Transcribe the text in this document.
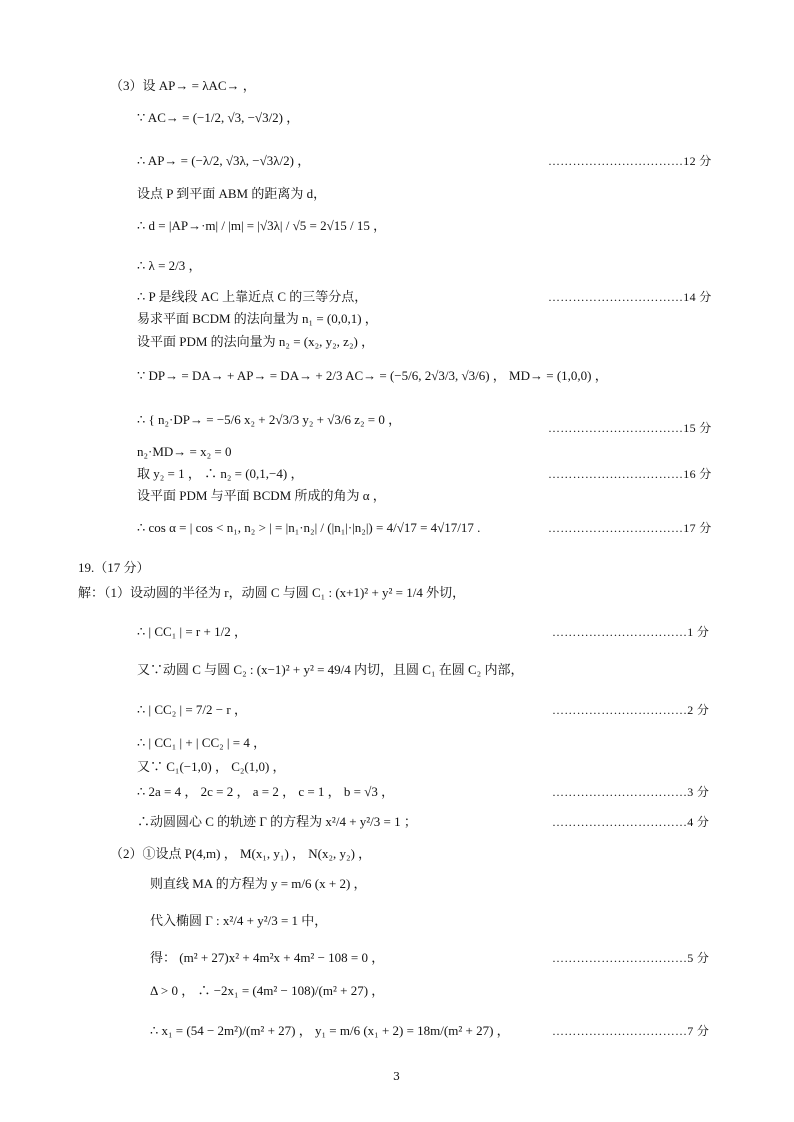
（3）设 AP→ = λAC→ ，
∵ AC→ = (−1/2, √3, −√3/2) ，
∴ AP→ = (−λ/2, √3λ, −√3λ/2) ，	……………………………12 分
设点 P 到平面 ABM 的距离为 d，
∴ d = |AP→·m| / |m| = |√3λ| / √5 = 2√15 / 15 ，
∴ λ = 2/3 ，
∴ P 是线段 AC 上靠近点 C 的三等分点，	……………………………14 分
易求平面 BCDM 的法向量为 n₁ = (0,0,1) ，
设平面 PDM 的法向量为 n₂ = (x₂, y₂, z₂) ，
∵ DP→ = DA→ + AP→ = DA→ + 2/3 AC→ = (−5/6, 2√3/3, √3/6) ， MD→ = (1,0,0) ，
∴ { n₂·DP→ = −5/6 x₂ + 2√3/3 y₂ + √3/6 z₂ = 0 ，
……………………………15 分
n₂·MD→ = x₂ = 0
取 y₂ = 1 ， ∴ n₂ = (0,1,−4) ，	……………………………16 分
设平面 PDM 与平面 BCDM 所成的角为 α ，
∴ cos α = | cos < n₁, n₂ > | = |n₁·n₂| / (|n₁|·|n₂|) = 4/√17 = 4√17/17 .	……………………………17 分
19.（17 分）
解：（1）设动圆的半径为 r，动圆 C 与圆 C₁ : (x+1)² + y² = 1/4 外切，
∴ | CC₁ | = r + 1/2 ，	……………………………1 分
又∵动圆 C 与圆 C₂ : (x−1)² + y² = 49/4 内切，且圆 C₁ 在圆 C₂ 内部，
∴ | CC₂ | = 7/2 − r ，	……………………………2 分
∴ | CC₁ | + | CC₂ | = 4 ，
又∵ C₁(−1,0) ， C₂(1,0) ，
∴ 2a = 4 ， 2c = 2 ， a = 2 ， c = 1 ， b = √3 ，	……………………………3 分
∴动圆圆心 C 的轨迹 Γ 的方程为 x²/4 + y²/3 = 1 ；	……………………………4 分
（2）①设点 P(4,m) ， M(x₁, y₁) ， N(x₂, y₂) ，
则直线 MA 的方程为 y = m/6 (x + 2) ，
代入椭圆 Γ : x²/4 + y²/3 = 1 中，
得： (m² + 27)x² + 4m²x + 4m² − 108 = 0 ，	……………………………5 分
Δ > 0 ， ∴ −2x₁ = (4m² − 108)/(m² + 27) ，
∴ x₁ = (54 − 2m²)/(m² + 27) ， y₁ = m/6 (x₁ + 2) = 18m/(m² + 27) ，	……………………………7 分
3
